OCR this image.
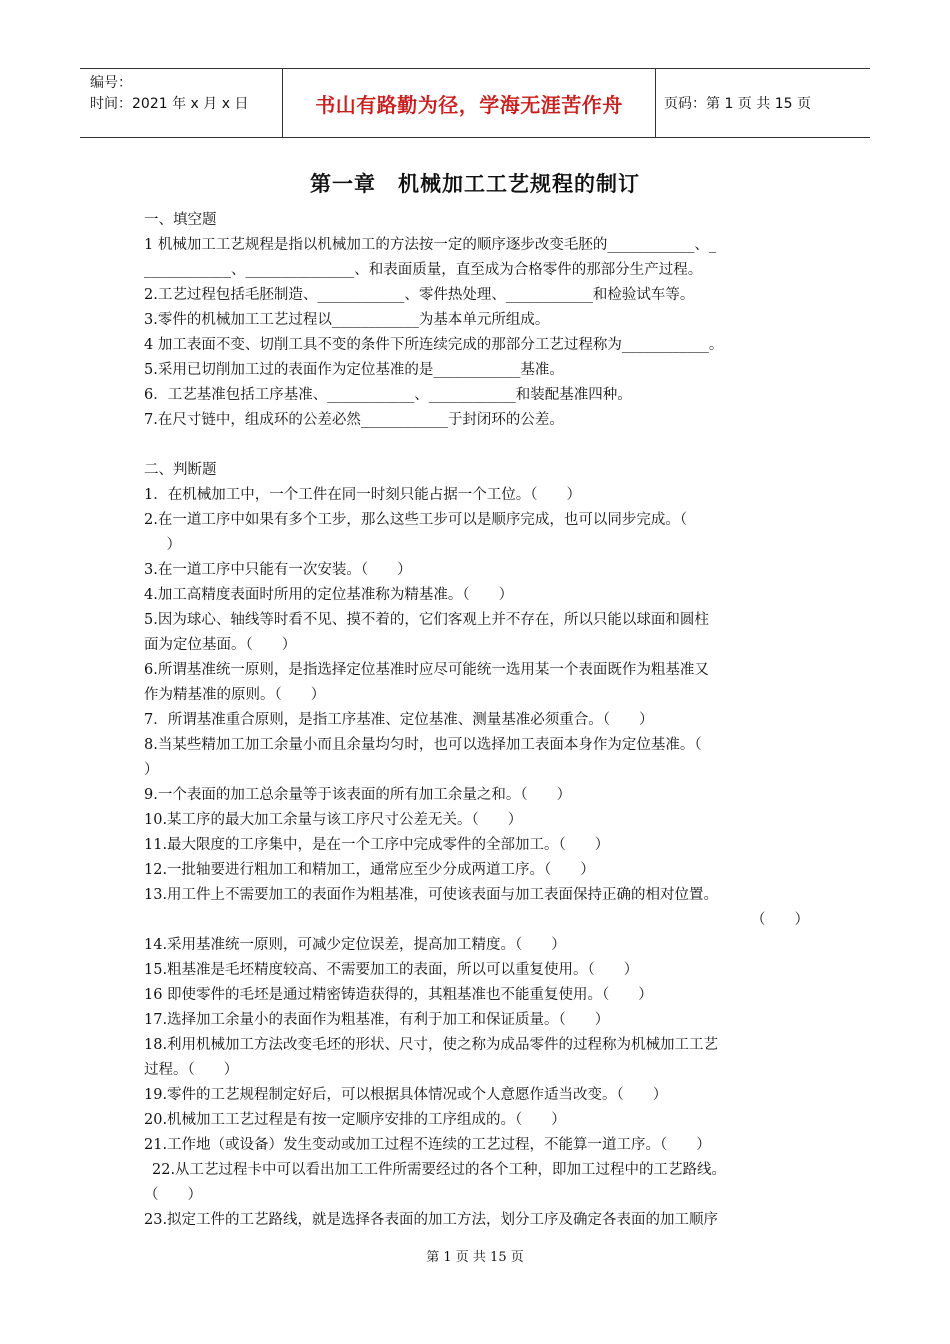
编号：
时间：2021 年 x 月 x 日	书山有路勤为径，学海无涯苦作舟	页码：第 1 页 共 15 页
第一章　机械加工工艺规程的制订

一、填空题

1 机械加工工艺规程是指以机械加工的方法按一定的顺序逐步改变毛胚的____________、_

____________、_______________、和表面质量，直至成为合格零件的那部分生产过程。

2.工艺过程包括毛胚制造、____________、零件热处理、____________和检验试车等。

3.零件的机械加工工艺过程以____________为基本单元所组成。

4 加工表面不变、切削工具不变的条件下所连续完成的那部分工艺过程称为____________。

5.采用已切削加工过的表面作为定位基准的是____________基准。

6．工艺基准包括工序基准、____________、____________和装配基准四种。

7.在尺寸链中，组成环的公差必然____________于封闭环的公差。

二、判断题

1．在机械加工中，一个工件在同一时刻只能占据一个工位。（　　）

2.在一道工序中如果有多个工步，那么这些工步可以是顺序完成，也可以同步完成。（

　）

3.在一道工序中只能有一次安装。（　　）

4.加工高精度表面时所用的定位基准称为精基准。（　　）

5.因为球心、轴线等时看不见、摸不着的，它们客观上并不存在，所以只能以球面和圆柱

面为定位基面。（　　）

6.所谓基准统一原则，是指选择定位基准时应尽可能统一选用某一个表面既作为粗基准又

作为精基准的原则。（　　）

7．所谓基准重合原则，是指工序基准、定位基准、测量基准必须重合。（　　）

8.当某些精加工加工余量小而且余量均匀时，也可以选择加工表面本身作为定位基准。（

）

9.一个表面的加工总余量等于该表面的所有加工余量之和。（　　）

10.某工序的最大加工余量与该工序尺寸公差无关。（　　）

11.最大限度的工序集中，是在一个工序中完成零件的全部加工。（　　）

12.一批轴要进行粗加工和精加工，通常应至少分成两道工序。（　　）

13.用工件上不需要加工的表面作为粗基准，可使该表面与加工表面保持正确的相对位置。

（　　）

14.采用基准统一原则，可减少定位误差，提高加工精度。（　　）

15.粗基准是毛坯精度较高、不需要加工的表面，所以可以重复使用。（　　）

16 即使零件的毛坯是通过精密铸造获得的，其粗基准也不能重复使用。（　　）

17.选择加工余量小的表面作为粗基准，有利于加工和保证质量。（　　）

18.利用机械加工方法改变毛坯的形状、尺寸，使之称为成品零件的过程称为机械加工工艺

过程。（　　）

19.零件的工艺规程制定好后，可以根据具体情况或个人意愿作适当改变。（　　）

20.机械加工工艺过程是有按一定顺序安排的工序组成的。（　　）

21.工作地（或设备）发生变动或加工过程不连续的工艺过程，不能算一道工序。（　　）

22.从工艺过程卡中可以看出加工工件所需要经过的各个工种，即加工过程中的工艺路线。

（　　）

23.拟定工件的工艺路线，就是选择各表面的加工方法，划分工序及确定各表面的加工顺序

第 1 页 共 15 页
